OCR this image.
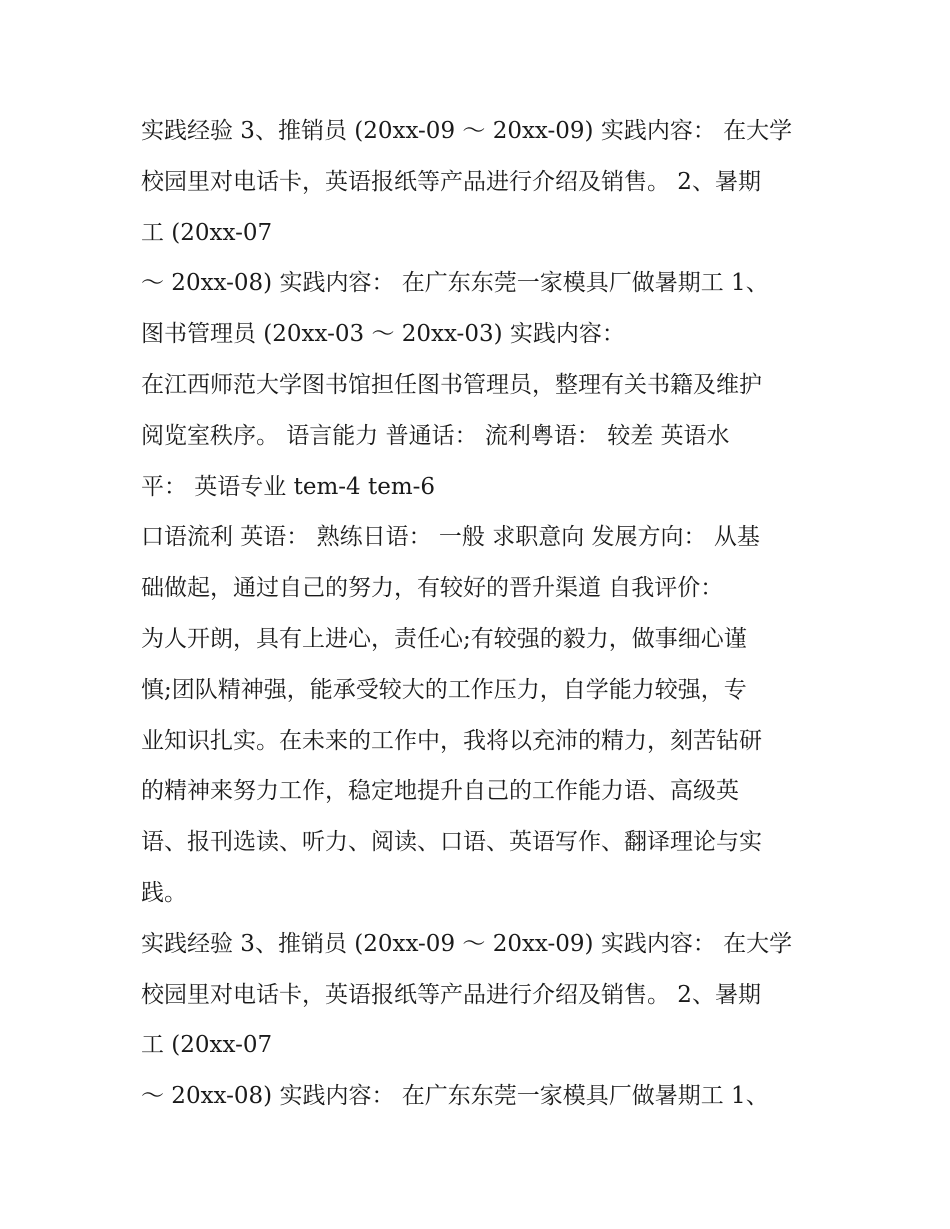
实践经验 3、推销员 (20xx-09 ～ 20xx-09) 实践内容： 在大学
校园里对电话卡，英语报纸等产品进行介绍及销售。 2、暑期
工 (20xx-07
～ 20xx-08) 实践内容： 在广东东莞一家模具厂做暑期工 1、
图书管理员 (20xx-03 ～ 20xx-03) 实践内容：
在江西师范大学图书馆担任图书管理员，整理有关书籍及维护
阅览室秩序。 语言能力 普通话： 流利粤语： 较差 英语水
平： 英语专业 tem-4 tem-6
口语流利 英语： 熟练日语： 一般 求职意向 发展方向： 从基
础做起，通过自己的努力，有较好的晋升渠道 自我评价：
为人开朗，具有上进心，责任心;有较强的毅力，做事细心谨
慎;团队精神强，能承受较大的工作压力，自学能力较强，专
业知识扎实。在未来的工作中，我将以充沛的精力，刻苦钻研
的精神来努力工作，稳定地提升自己的工作能力语、高级英
语、报刊选读、听力、阅读、口语、英语写作、翻译理论与实
践。
实践经验 3、推销员 (20xx-09 ～ 20xx-09) 实践内容： 在大学
校园里对电话卡，英语报纸等产品进行介绍及销售。 2、暑期
工 (20xx-07
～ 20xx-08) 实践内容： 在广东东莞一家模具厂做暑期工 1、
